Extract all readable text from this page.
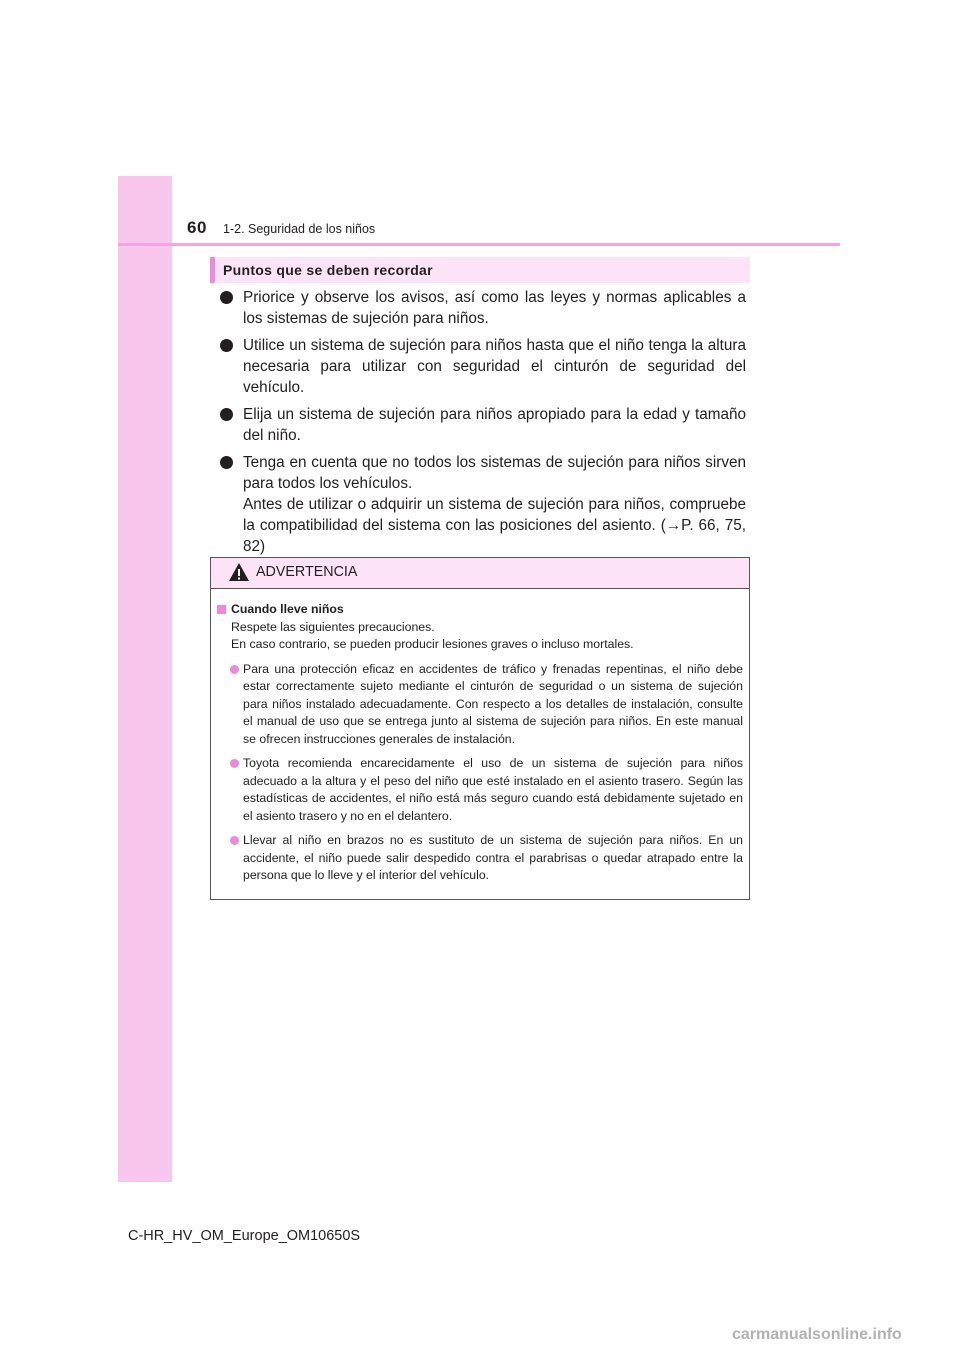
60 1-2. Seguridad de los niños
Puntos que se deben recordar

Priorice y observe los avisos, así como las leyes y normas aplicables a los sistemas de sujeción para niños.

Utilice un sistema de sujeción para niños hasta que el niño tenga la altura necesaria para utilizar con seguridad el cinturón de seguridad del vehículo.

Elija un sistema de sujeción para niños apropiado para la edad y tamaño del niño.

Tenga en cuenta que no todos los sistemas de sujeción para niños sirven para todos los vehículos.

Antes de utilizar o adquirir un sistema de sujeción para niños, compruebe la compatibilidad del sistema con las posiciones del asiento. (→P. 66, 75, 82)

ADVERTENCIA
Cuando lleve niños
Respete las siguientes precauciones.
En caso contrario, se pueden producir lesiones graves o incluso mortales.

Para una protección eficaz en accidentes de tráfico y frenadas repentinas, el niño debe estar correctamente sujeto mediante el cinturón de seguridad o un sistema de sujeción para niños instalado adecuadamente. Con respecto a los detalles de instalación, consulte el manual de uso que se entrega junto al sistema de sujeción para niños. En este manual se ofrecen instrucciones generales de instalación.

Toyota recomienda encarecidamente el uso de un sistema de sujeción para niños adecuado a la altura y el peso del niño que esté instalado en el asiento trasero. Según las estadísticas de accidentes, el niño está más seguro cuando está debidamente sujetado en el asiento trasero y no en el delantero.

Llevar al niño en brazos no es sustituto de un sistema de sujeción para niños. En un accidente, el niño puede salir despedido contra el parabrisas o quedar atrapado entre la persona que lo lleve y el interior del vehículo.

C-HR_HV_OM_Europe_OM10650S
carmanualsonline.info
